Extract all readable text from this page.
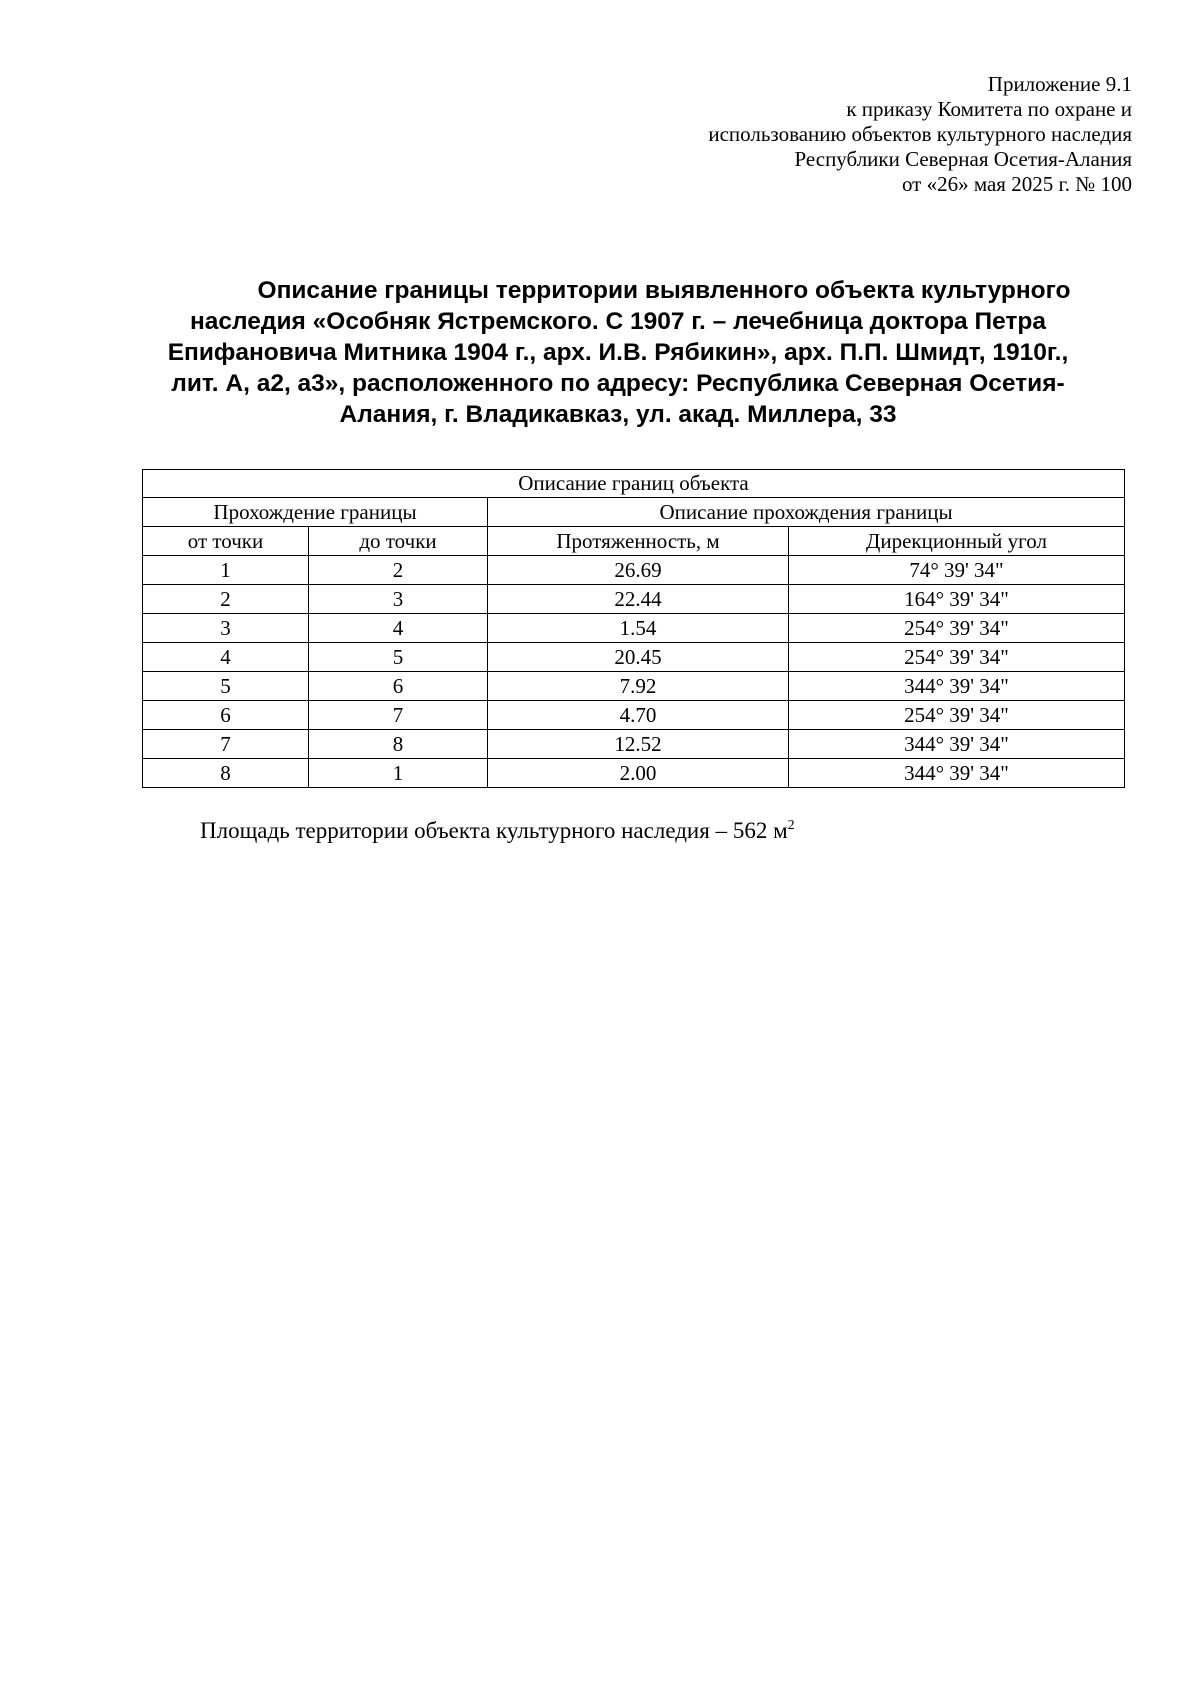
Приложение 9.1
к приказу Комитета по охране и
использованию объектов культурного наследия
Республики Северная Осетия-Алания
от «26» мая 2025 г. № 100
Описание границы территории выявленного объекта культурного
наследия «Особняк Ястремского. С 1907 г. – лечебница доктора Петра
Епифановича Митника 1904 г., арх. И.В. Рябикин», арх. П.П. Шмидт, 1910г.,
лит. А, а2, а3», расположенного по адресу: Республика Северная Осетия-
Алания, г. Владикавказ, ул. акад. Миллера, 33
Описание границ объекта			
Прохождение границы		Описание прохождения границы	
от точки	до точки	Протяженность, м	Дирекционный угол
1	2	26.69	74° 39' 34"
2	3	22.44	164° 39' 34"
3	4	1.54	254° 39' 34"
4	5	20.45	254° 39' 34"
5	6	7.92	344° 39' 34"
6	7	4.70	254° 39' 34"
7	8	12.52	344° 39' 34"
8	1	2.00	344° 39' 34"
Площадь территории объекта культурного наследия – 562 $м^2$
